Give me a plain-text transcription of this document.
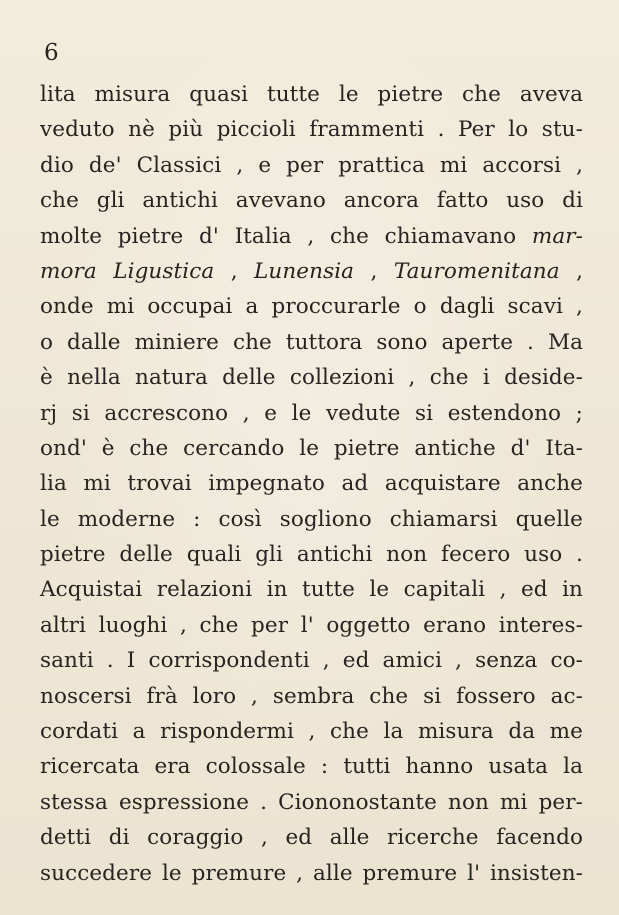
6
lita misura quasi tutte le pietre che aveva
veduto nè più piccioli frammenti . Per lo stu-
dio de' Classici , e per prattica mi accorsi ,
che gli antichi avevano ancora fatto uso di
molte pietre d' Italia , che chiamavano mar-
mora Ligustica , Lunensia , Tauromenitana ,
onde mi occupai a proccurarle o dagli scavi ,
o dalle miniere che tuttora sono aperte . Ma
è nella natura delle collezioni , che i deside-
rj si accrescono , e le vedute si estendono ;
ond' è che cercando le pietre antiche d' Ita-
lia mi trovai impegnato ad acquistare anche
le moderne : così sogliono chiamarsi quelle
pietre delle quali gli antichi non fecero uso .
Acquistai relazioni in tutte le capitali , ed in
altri luoghi , che per l' oggetto erano interes-
santi . I corrispondenti , ed amici , senza co-
noscersi frà loro , sembra che si fossero ac-
cordati a rispondermi , che la misura da me
ricercata era colossale : tutti hanno usata la
stessa espressione . Ciononostante non mi per-
detti di coraggio , ed alle ricerche facendo
succedere le premure , alle premure l' insisten-
